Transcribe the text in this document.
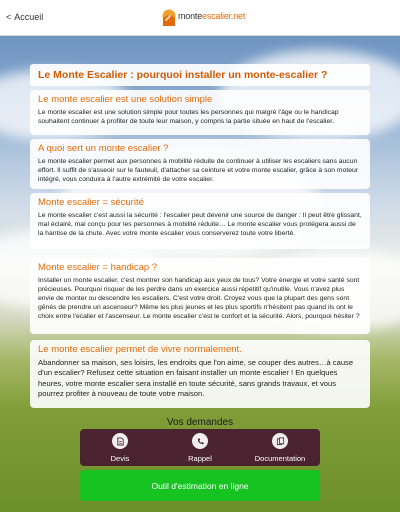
< Accueil	monteescalier.net
Le Monte Escalier : pourquoi installer un monte-escalier ?
Le monte escalier est une solution simple

Le monte escalier est une solution simple pour toutes les personnes qui malgré l'âge ou le handicap souhaitent continuer à profiter de toute leur maison, y compris la partie située en haut de l'escalier.

A quoi sert un monte escalier ?

Le monte escalier permet aux personnes à mobilité réduite de continuer à utiliser les escaliers sans aucun effort. Il suffit de s'asseoir sur le fauteuil, d'attacher sa ceinture et votre monte escalier, grâce à son moteur intégré, vous conduira à l'autre extrémité de votre escalier.

Monte escalier = sécurité

Le monte escalier c'est aussi la sécurité : l'escalier peut devenir une source de danger : Il peut être glissant, mal éclairé, mal conçu pour les personnes à mobilité réduite… Le monte escalier vous protégera aussi de la hantise de la chute. Avec votre monte escalier vous conserverez toute votre liberté.

Monte escalier = handicap ?

Installer un monte escalier, c'est montrer son handicap aux yeux de tous? Votre énergie et votre santé sont précieuses. Pourquoi risquer de les perdre dans un exercice aussi répétitif qu'inutile. Vous n'avez plus envie de monter ou descendre les escaliers. C'est votre droit. Croyez vous que la plupart des gens sont gênés de prendre un ascenseur? Même les plus jeunes et les plus sportifs n'hésitent pas quand ils ont le choix entre l'ecalier et l'ascenseur. Le monte escalier c'est le confort et la sécurité. Alors, pourquoi hésiter ?

Le monte escalier permet de vivre normalement.

Abandonner sa maison, ses loisirs, les endroits que l'on aime, se couper des autres…à cause d'un escalier? Refusez cette situation en faisant installer un monte escalier ! En quelques heures, votre monte escalier sera installé en toute sécurité, sans grands travaux, et vous pourrez profiter à nouveau de toute votre maison.

Vos demandes
Devis	Rappel	Documentation
Outil d'estimation en ligne
